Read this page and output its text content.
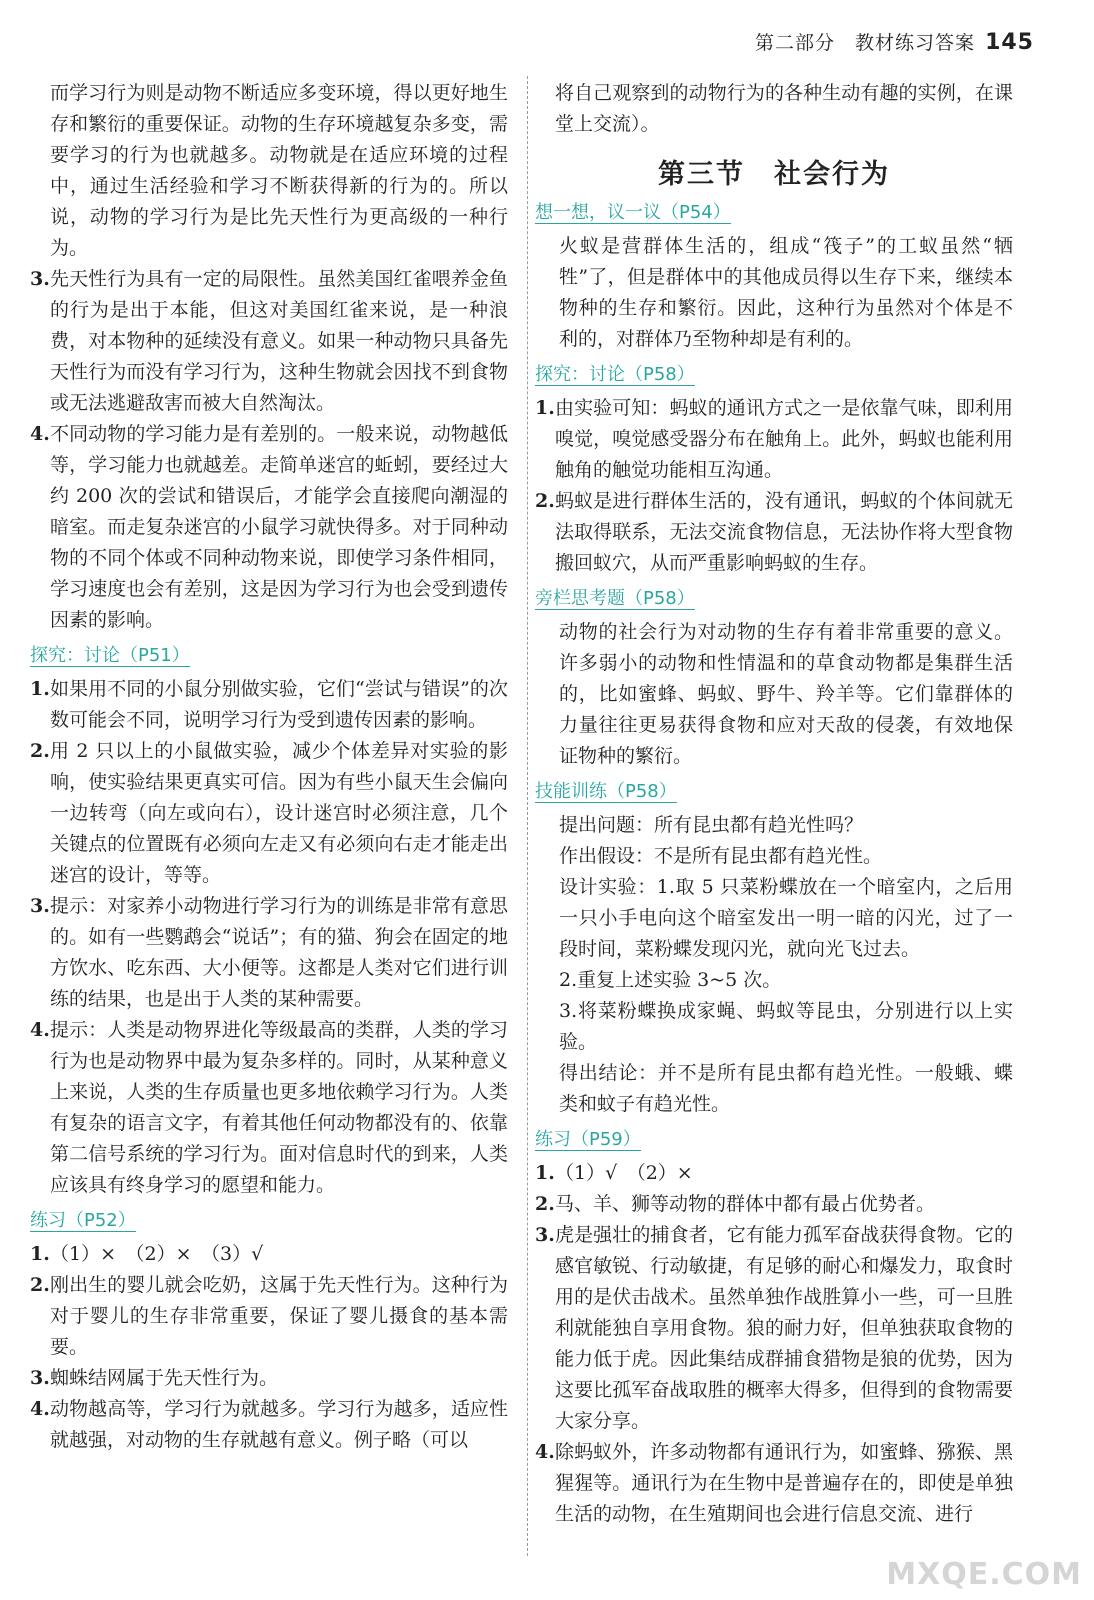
第二部分　教材练习答案 145

而学习行为则是动物不断适应多变环境，得以更好地生存和繁衍的重要保证。动物的生存环境越复杂多变，需要学习的行为也就越多。动物就是在适应环境的过程中，通过生活经验和学习不断获得新的行为的。所以说，动物的学习行为是比先天性行为更高级的一种行为。

3. 先天性行为具有一定的局限性。虽然美国红雀喂养金鱼的行为是出于本能，但这对美国红雀来说，是一种浪费，对本物种的延续没有意义。如果一种动物只具备先天性行为而没有学习行为，这种生物就会因找不到食物或无法逃避敌害而被大自然淘汰。
4. 不同动物的学习能力是有差别的。一般来说，动物越低等，学习能力也就越差。走简单迷宫的蚯蚓，要经过大约 200 次的尝试和错误后，才能学会直接爬向潮湿的暗室。而走复杂迷宫的小鼠学习就快得多。对于同种动物的不同个体或不同种动物来说，即使学习条件相同，学习速度也会有差别，这是因为学习行为也会受到遗传因素的影响。
探究：讨论（P51）
1. 如果用不同的小鼠分别做实验，它们“尝试与错误”的次数可能会不同，说明学习行为受到遗传因素的影响。
2. 用 2 只以上的小鼠做实验，减少个体差异对实验的影响，使实验结果更真实可信。因为有些小鼠天生会偏向一边转弯（向左或向右），设计迷宫时必须注意，几个关键点的位置既有必须向左走又有必须向右走才能走出迷宫的设计，等等。
3. 提示：对家养小动物进行学习行为的训练是非常有意思的。如有一些鹦鹉会“说话”；有的猫、狗会在固定的地方饮水、吃东西、大小便等。这都是人类对它们进行训练的结果，也是出于人类的某种需要。
4. 提示：人类是动物界进化等级最高的类群，人类的学习行为也是动物界中最为复杂多样的。同时，从某种意义上来说，人类的生存质量也更多地依赖学习行为。人类有复杂的语言文字，有着其他任何动物都没有的、依靠第二信号系统的学习行为。面对信息时代的到来，人类应该具有终身学习的愿望和能力。
练习（P52）
1. （1）×　（2）×　（3）√
2. 刚出生的婴儿就会吃奶，这属于先天性行为。这种行为对于婴儿的生存非常重要，保证了婴儿摄食的基本需要。
3. 蜘蛛结网属于先天性行为。
4. 动物越高等，学习行为就越多。学习行为越多，适应性就越强，对动物的生存就越有意义。例子略（可以

将自己观察到的动物行为的各种生动有趣的实例，在课堂上交流）。

第三节　社会行为
想一想，议一议（P54）

火蚁是营群体生活的，组成“筏子”的工蚁虽然“牺牲”了，但是群体中的其他成员得以生存下来，继续本物种的生存和繁衍。因此，这种行为虽然对个体是不利的，对群体乃至物种却是有利的。

探究：讨论（P58）
1. 由实验可知：蚂蚁的通讯方式之一是依靠气味，即利用嗅觉，嗅觉感受器分布在触角上。此外，蚂蚁也能利用触角的触觉功能相互沟通。
2. 蚂蚁是进行群体生活的，没有通讯，蚂蚁的个体间就无法取得联系，无法交流食物信息，无法协作将大型食物搬回蚁穴，从而严重影响蚂蚁的生存。
旁栏思考题（P58）

动物的社会行为对动物的生存有着非常重要的意义。许多弱小的动物和性情温和的草食动物都是集群生活的，比如蜜蜂、蚂蚁、野牛、羚羊等。它们靠群体的力量往往更易获得食物和应对天敌的侵袭，有效地保证物种的繁衍。

技能训练（P58）

提出问题：所有昆虫都有趋光性吗？

作出假设：不是所有昆虫都有趋光性。

设计实验：1.取 5 只菜粉蝶放在一个暗室内，之后用一只小手电向这个暗室发出一明一暗的闪光，过了一段时间，菜粉蝶发现闪光，就向光飞过去。

2.重复上述实验 3~5 次。

3.将菜粉蝶换成家蝇、蚂蚁等昆虫，分别进行以上实验。

得出结论：并不是所有昆虫都有趋光性。一般蛾、蝶类和蚊子有趋光性。

练习（P59）
1. （1）√　（2）×
2. 马、羊、狮等动物的群体中都有最占优势者。
3. 虎是强壮的捕食者，它有能力孤军奋战获得食物。它的感官敏锐、行动敏捷，有足够的耐心和爆发力，取食时用的是伏击战术。虽然单独作战胜算小一些，可一旦胜利就能独自享用食物。狼的耐力好，但单独获取食物的能力低于虎。因此集结成群捕食猎物是狼的优势，因为这要比孤军奋战取胜的概率大得多，但得到的食物需要大家分享。
4. 除蚂蚁外，许多动物都有通讯行为，如蜜蜂、猕猴、黑猩猩等。通讯行为在生物中是普遍存在的，即使是单独生活的动物，在生殖期间也会进行信息交流、进行
MXQE.COM
